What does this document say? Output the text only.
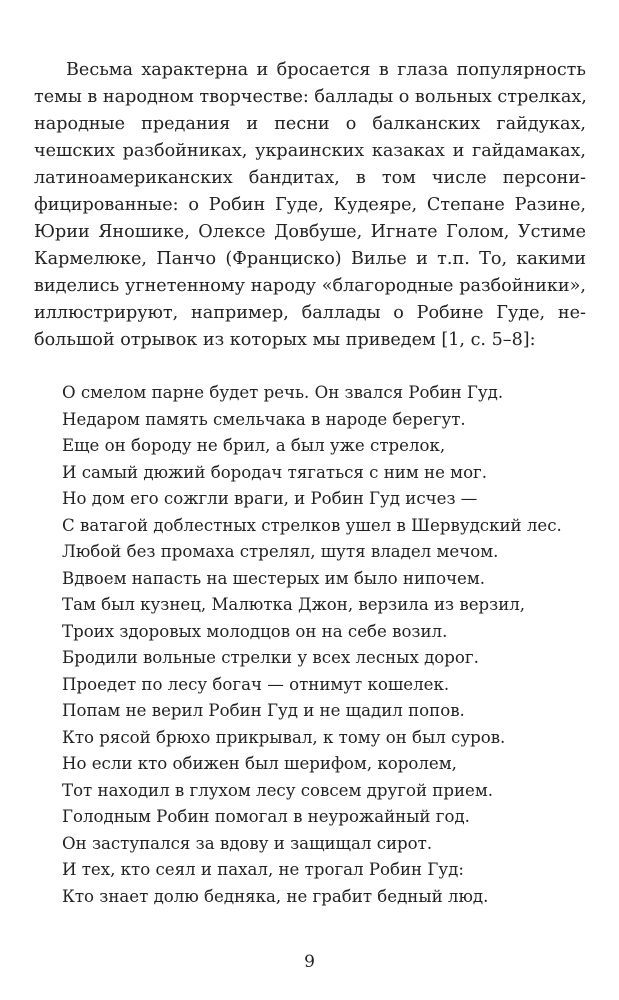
Весьма характерна и бросается в глаза популярность
темы в народном творчестве: баллады о вольных стрелках,
народные предания и песни о балканских гайдуках,
чешских разбойниках, украинских казаках и гайдамаках,
латиноамериканских бандитах, в том числе персони-
фицированные: о Робин Гуде, Кудеяре, Степане Разине,
Юрии Яношике, Олексе Довбуше, Игнате Голом, Устиме
Кармелюке, Панчо (Франциско) Вилье и т.п. То, какими
виделись угнетенному народу «благородные разбойники»,
иллюстрируют, например, баллады о Робине Гуде, не-
большой отрывок из которых мы приведем [1, с. 5–8]:
О смелом парне будет речь. Он звался Робин Гуд.
Недаром память смельчака в народе берегут.
Еще он бороду не брил, а был уже стрелок,
И самый дюжий бородач тягаться с ним не мог.
Но дом его сожгли враги, и Робин Гуд исчез —
С ватагой доблестных стрелков ушел в Шервудский лес.
Любой без промаха стрелял, шутя владел мечом.
Вдвоем напасть на шестерых им было нипочем.
Там был кузнец, Малютка Джон, верзила из верзил,
Троих здоровых молодцов он на себе возил.
Бродили вольные стрелки у всех лесных дорог.
Проедет по лесу богач — отнимут кошелек.
Попам не верил Робин Гуд и не щадил попов.
Кто рясой брюхо прикрывал, к тому он был суров.
Но если кто обижен был шерифом, королем,
Тот находил в глухом лесу совсем другой прием.
Голодным Робин помогал в неурожайный год.
Он заступался за вдову и защищал сирот.
И тех, кто сеял и пахал, не трогал Робин Гуд:
Кто знает долю бедняка, не грабит бедный люд.
9
